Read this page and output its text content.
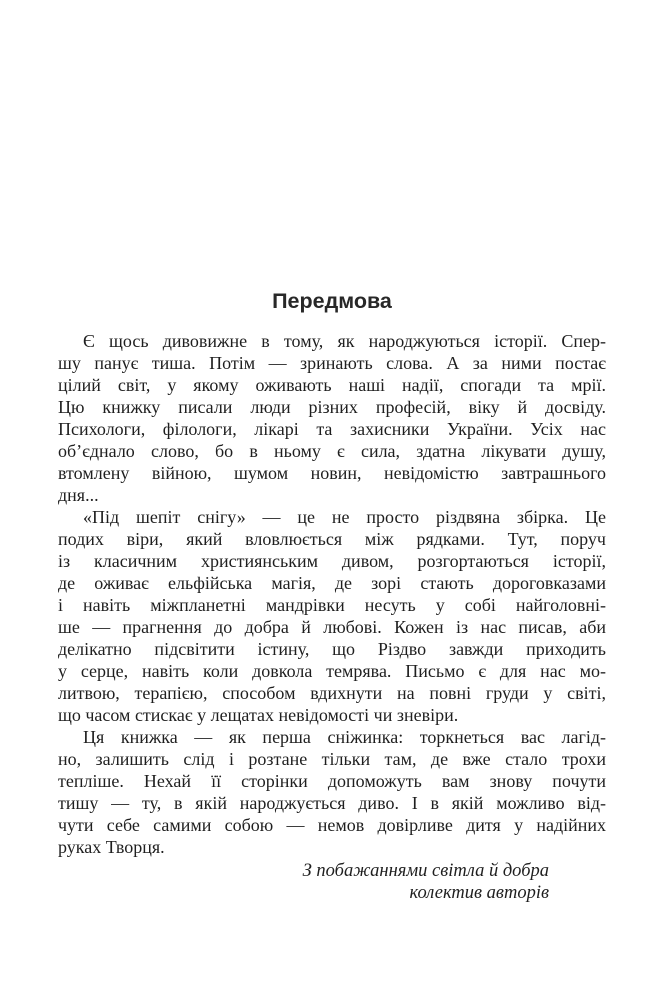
Передмова

Є щось дивовижне в тому, як народжуються історії. Спер-
шу панує тиша. Потім — зринають слова. А за ними постає
цілий світ, у якому оживають наші надії, спогади та мрії.
Цю книжку писали люди різних професій, віку й досвіду.
Психологи, філологи, лікарі та захисники України. Усіх нас
об’єднало слово, бо в ньому є сила, здатна лікувати душу,
втомлену війною, шумом новин, невідомістю завтрашнього
дня...

«Під шепіт снігу» — це не просто різдвяна збірка. Це
подих віри, який вловлюється між рядками. Тут, поруч
із класичним християнським дивом, розгортаються історії,
де оживає ельфійська магія, де зорі стають дороговказами
і навіть міжпланетні мандрівки несуть у собі найголовні-
ше — прагнення до добра й любові. Кожен із нас писав, аби
делікатно підсвітити істину, що Різдво завжди приходить
у серце, навіть коли довкола темрява. Письмо є для нас мо-
литвою, терапією, способом вдихнути на повні груди у світі,
що часом стискає у лещатах невідомості чи зневіри.

Ця книжка — як перша сніжинка: торкнеться вас лагід-
но, залишить слід і розтане тільки там, де вже стало трохи
тепліше. Нехай її сторінки допоможуть вам знову почути
тишу — ту, в якій народжується диво. І в якій можливо від-
чути себе самими собою — немов довірливе дитя у надійних
руках Творця.

З побажаннями світла й добра
колектив авторів
